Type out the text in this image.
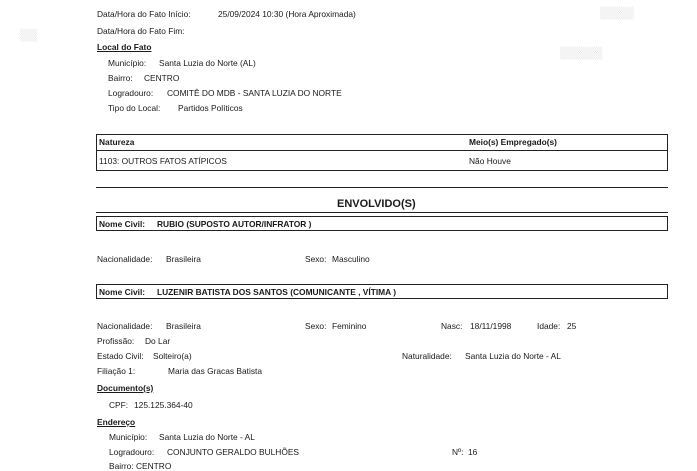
▒▒▒▒
▒▒▒▒▒
▒▒
Data/Hora do Fato Início:	25/09/2024 10:30 (Hora Aproximada)
Data/Hora do Fato Fim:
Local do Fato
Município: Santa Luzia do Norte (AL)
Bairro: CENTRO
Logradouro: COMITÊ DO MDB - SANTA LUZIA DO NORTE
Tipo do Local: Partidos Políticos
Natureza	Meio(s) Empregado(s)
1103: OUTROS FATOS ATÍPICOS	Não Houve
ENVOLVIDO(S)
Nome Civil: RUBIO (SUPOSTO AUTOR/INFRATOR )
Nacionalidade: Brasileira	Sexo: Masculino
Nome Civil: LUZENIR BATISTA DOS SANTOS (COMUNICANTE , VÍTIMA )
Nacionalidade: Brasileira	Sexo: Feminino	Nasc: 18/11/1998	Idade: 25
Profissão: Do Lar
Estado Civil: Solteiro(a)	Naturalidade: Santa Luzia do Norte - AL
Filiação 1:	Maria das Gracas Batista
Documento(s)
CPF: 125.125.364-40
Endereço
Município: Santa Luzia do Norte - AL
Logradouro: CONJUNTO GERALDO BULHÕES	Nº: 16
Bairro: CENTRO
